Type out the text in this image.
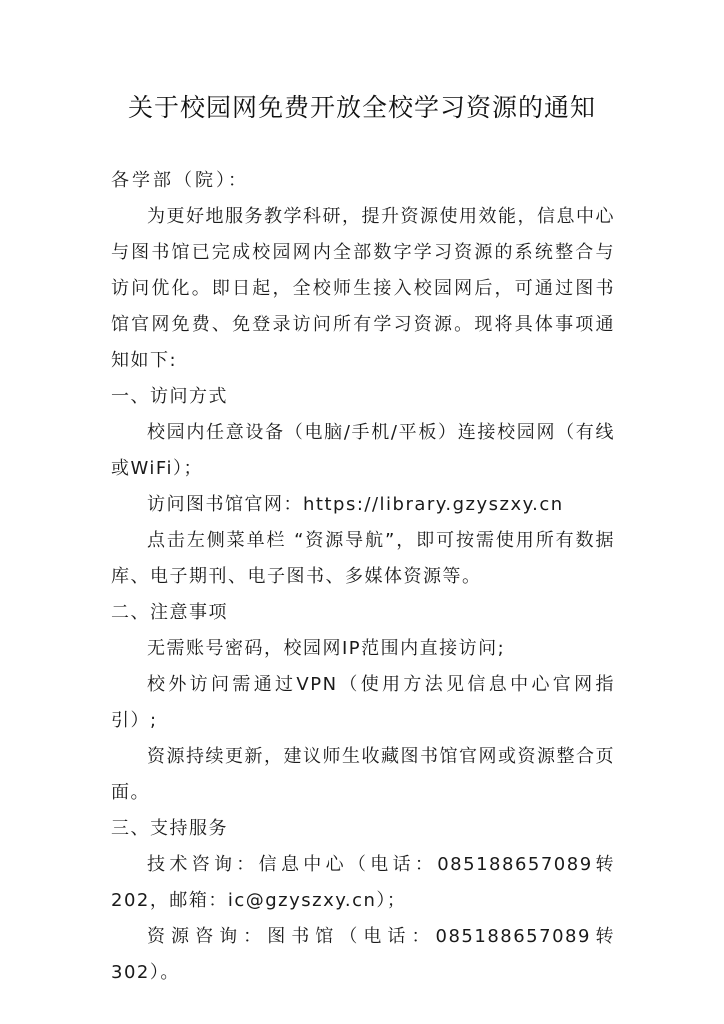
关于校园网免费开放全校学习资源的通知

各学部（院）：

为更好地服务教学科研，提升资源使用效能，信息中心与图书馆已完成校园网内全部数字学习资源的系统整合与访问优化。即日起，全校师生接入校园网后，可通过图书馆官网免费、免登录访问所有学习资源。现将具体事项通知如下:

一、访问方式

校园内任意设备（电脑/手机/平板）连接校园网（有线或WiFi）；

访问图书馆官网：https://library.gzyszxy.cn

点击左侧菜单栏 “资源导航”，即可按需使用所有数据库、电子期刊、电子图书、多媒体资源等。

二、注意事项

无需账号密码，校园网IP范围内直接访问;

校外访问需通过VPN（使用方法见信息中心官网指引）;

资源持续更新，建议师生收藏图书馆官网或资源整合页面。

三、支持服务

技术咨询：信息中心（电话：085188657089转202，邮箱：ic@gzyszxy.cn）；

资源咨询：图书馆（电话：085188657089转302）。
